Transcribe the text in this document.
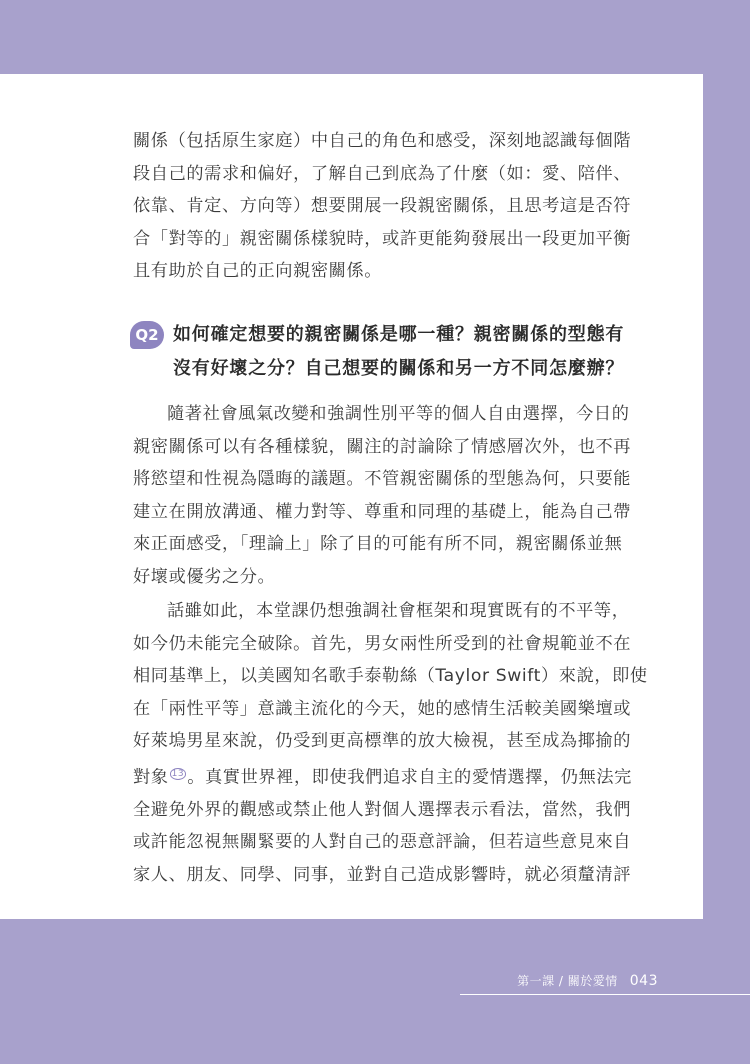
關係（包括原生家庭）中自己的角色和感受，深刻地認識每個階
段自己的需求和偏好，了解自己到底為了什麼（如：愛、陪伴、
依靠、肯定、方向等）想要開展一段親密關係，且思考這是否符
合「對等的」親密關係樣貌時，或許更能夠發展出一段更加平衡
且有助於自己的正向親密關係。
Q2 如何確定想要的親密關係是哪一種？親密關係的型態有
沒有好壞之分？自己想要的關係和另一方不同怎麼辦？
隨著社會風氣改變和強調性別平等的個人自由選擇，今日的
親密關係可以有各種樣貌，關注的討論除了情感層次外，也不再
將慾望和性視為隱晦的議題。不管親密關係的型態為何，只要能
建立在開放溝通、權力對等、尊重和同理的基礎上，能為自己帶
來正面感受，「理論上」除了目的可能有所不同，親密關係並無
好壞或優劣之分。
話雖如此，本堂課仍想強調社會框架和現實既有的不平等，
如今仍未能完全破除。首先，男女兩性所受到的社會規範並不在
相同基準上，以美國知名歌手泰勒絲（Taylor Swift）來說，即使
在「兩性平等」意識主流化的今天，她的感情生活較美國樂壇或
好萊塢男星來說，仍受到更高標準的放大檢視，甚至成為揶揄的
對象 $^{13}$ 。真實世界裡，即使我們追求自主的愛情選擇，仍無法完
全避免外界的觀感或禁止他人對個人選擇表示看法，當然，我們
或許能忽視無關緊要的人對自己的惡意評論，但若這些意見來自
家人、朋友、同學、同事，並對自己造成影響時，就必須釐清評
第一課 / 關於愛情 043
